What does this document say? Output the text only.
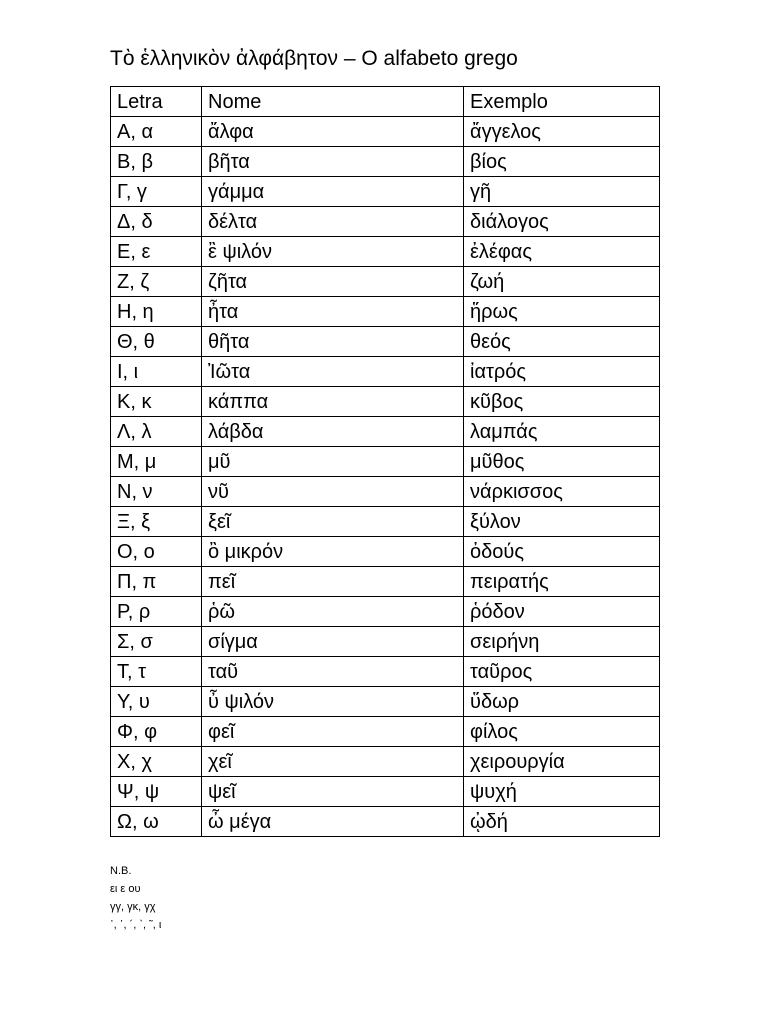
Τὸ ἑλληνικὸν ἀλφάβητον – O alfabeto grego
Letra	Nome	Exemplo
Α, α	ἄλφα	ἄγγελος
Β, β	βῆτα	βίος
Γ, γ	γάμμα	γῆ
Δ, δ	δέλτα	διάλογος
Ε, ε	ἒ ψιλόν	ἐλέφας
Ζ, ζ	ζῆτα	ζωή
Η, η	ἦτα	ἥρως
Θ, θ	θῆτα	θεός
Ι, ι	Ἰῶτα	ἰατρός
Κ, κ	κάππα	κῦβος
Λ, λ	λάβδα	λαμπάς
Μ, μ	μῦ	μῦθος
Ν, ν	νῦ	νάρκισσος
Ξ, ξ	ξεῖ	ξύλον
Ο, ο	ὂ μικρόν	ὀδούς
Π, π	πεῖ	πειρατής
Ρ, ρ	ῥῶ	ῥόδον
Σ, σ	σίγμα	σειρήνη
Τ, τ	ταῦ	ταῦρος
Υ, υ	ὖ ψιλόν	ὕδωρ
Φ, φ	φεῖ	φίλος
Χ, χ	χεῖ	χειρουργία
Ψ, ψ	ψεῖ	ψυχή
Ω, ω	ὦ μέγα	ᾠδή
N.B.
ει ε ου
γγ, γκ, γχ
᾿, ῾, ´, `, ῀, ι
